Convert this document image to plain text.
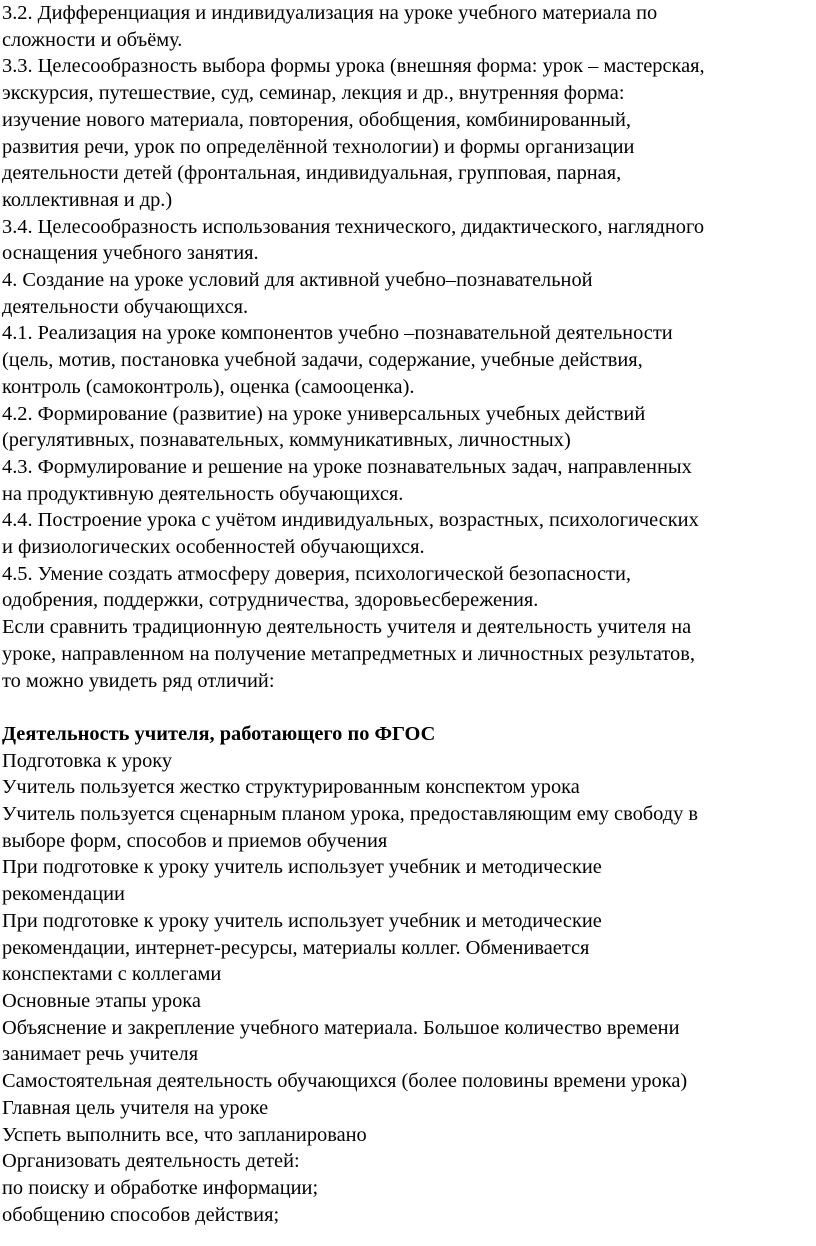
3.2. Дифференциация и индивидуализация на уроке учебного материала по
сложности и объёму.
3.3. Целесообразность выбора формы урока (внешняя форма: урок – мастерская,
экскурсия, путешествие, суд, семинар, лекция и др., внутренняя форма:
изучение нового материала, повторения, обобщения, комбинированный,
развития речи, урок по определённой технологии) и формы организации
деятельности детей (фронтальная, индивидуальная, групповая, парная,
коллективная и др.)
3.4. Целесообразность использования технического, дидактического, наглядного
оснащения учебного занятия.
4. Создание на уроке условий для активной учебно–познавательной
деятельности обучающихся.
4.1. Реализация на уроке компонентов учебно –познавательной деятельности
(цель, мотив, постановка учебной задачи, содержание, учебные действия,
контроль (самоконтроль), оценка (самооценка).
4.2. Формирование (развитие) на уроке универсальных учебных действий
(регулятивных, познавательных, коммуникативных, личностных)
4.3. Формулирование и решение на уроке познавательных задач, направленных
на продуктивную деятельность обучающихся.
4.4. Построение урока с учётом индивидуальных, возрастных, психологических
и физиологических особенностей обучающихся.
4.5. Умение создать атмосферу доверия, психологической безопасности,
одобрения, поддержки, сотрудничества, здоровьесбережения.
Если сравнить традиционную деятельность учителя и деятельность учителя на
уроке, направленном на получение метапредметных и личностных результатов,
то можно увидеть ряд отличий:
Деятельность учителя, работающего по ФГОС
Подготовка к уроку
Учитель пользуется жестко структурированным конспектом урока
Учитель пользуется сценарным планом урока, предоставляющим ему свободу в
выборе форм, способов и приемов обучения
При подготовке к уроку учитель использует учебник и методические
рекомендации
При подготовке к уроку учитель использует учебник и методические
рекомендации, интернет-ресурсы, материалы коллег. Обменивается
конспектами с коллегами
Основные этапы урока
Объяснение и закрепление учебного материала. Большое количество времени
занимает речь учителя
Самостоятельная деятельность обучающихся (более половины времени урока)
Главная цель учителя на уроке
Успеть выполнить все, что запланировано
Организовать деятельность детей:
по поиску и обработке информации;
обобщению способов действия;
